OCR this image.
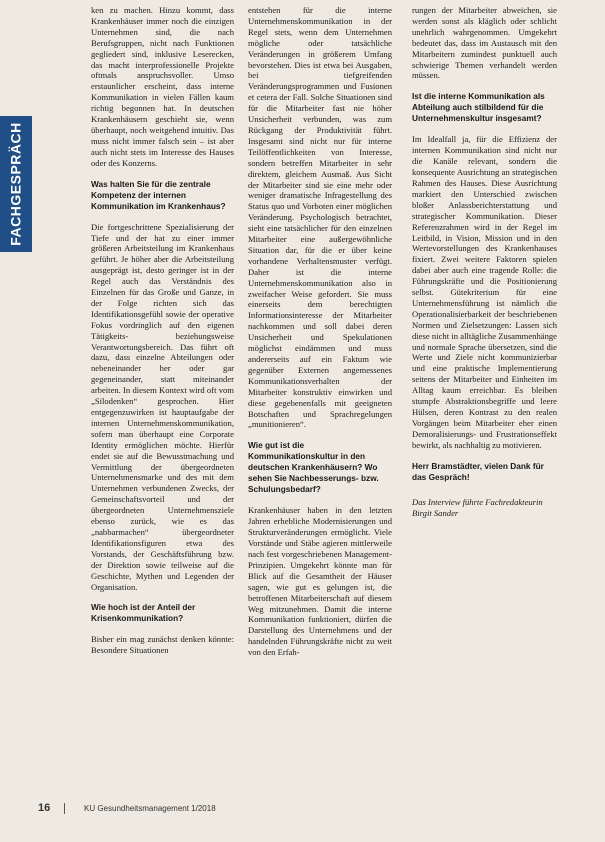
FACHGESPRÄCH

ken zu machen. Hinzu kommt, dass Krankenhäuser immer noch die einzigen Unternehmen sind, die nach Berufsgruppen, nicht nach Funktionen gegliedert sind, inklusive Leserecken, das macht interprofessionelle Projekte oftmals anspruchsvoller. Umso erstaunlicher erscheint, dass interne Kommunikation in vielen Fällen kaum richtig begonnen hat. In deutschen Krankenhäusern geschieht sie, wenn überhaupt, noch weitgehend intuitiv. Das muss nicht immer falsch sein – ist aber auch nicht stets im Interesse des Hauses oder des Konzerns.

Was halten Sie für die zentrale Kompetenz der internen Kommunikation im Krankenhaus?

Die fortgeschrittene Spezialisierung der Tiefe und der hat zu einer immer größeren Arbeitsteilung im Krankenhaus geführt. Je höher aber die Arbeitsteilung ausgeprägt ist, desto geringer ist in der Regel auch das Verständnis des Einzelnen für das Große und Ganze, in der Folge richten sich das Identifikationsgefühl sowie der operative Fokus vordringlich auf den eigenen Tätigkeits- beziehungsweise Verantwortungsbereich. Das führt oft dazu, dass einzelne Abteilungen oder nebeneinander her oder gar gegeneinander, statt miteinander arbeiten. In diesem Kontext wird oft vom „Silodenken“ gesprochen. Hier entgegenzuwirken ist hauptaufgabe der internen Unternehmenskommunikation, sofern man überhaupt eine Corporate Identity ermöglichen möchte. Hierfür endet sie auf die Bewusstmachung und Vermittlung der übergeordneten Unternehmensmarke und des mit dem Unternehmen verbundenen Zwecks, der Gemeinschaftsvorteil und der übergeordneten Unternehmensziele ebenso zurück, wie es das „nabbarmachen“ übergeordneter Identifikationsfiguren etwa des Vorstands, der Geschäftsführung bzw. der Direktion sowie teilweise auf die Geschichte, Mythen und Legenden der Organisation.

Wie hoch ist der Anteil der Krisenkommunikation?

Bisher ein mag zunächst denken könnte: Besondere Situationen

entstehen für die interne Unternehmenskommunikation in der Regel stets, wenn dem Unternehmen mögliche oder tatsächliche Veränderungen in größerem Umfang bevorstehen. Dies ist etwa bei Ausgaben, bei tiefgreifenden Veränderungsprogrammen und Fusionen et cetera der Fall. Solche Situationen sind für die Mitarbeiter fast nie höher Unsicherheit verbunden, was zum Rückgang der Produktivität führt. Insgesamt sind nicht nur für interne Teilöffentlichkeiten von Interesse, sondern betreffen Mitarbeiter in sehr direktem, gleichem Ausmaß. Aus Sicht der Mitarbeiter sind sie eine mehr oder weniger dramatische Infragestellung des Status quo und Vorboten einer möglichen Veränderung. Psychologisch betrachtet, sieht eine tatsächlicher für den einzelnen Mitarbeiter eine außergewöhnliche Situation dar, für die er über keine vorhandene Verhaltensmuster verfügt. Daher ist die interne Unternehmenskommunikation also in zweifacher Weise gefordert. Sie muss einerseits dem berechtigten Informationsinteresse der Mitarbeiter nachkommen und soll dabei deren Unsicherheit und Spekulationen möglichst eindämmen und muss andererseits auf ein Faktum wie gegenüber Externen angemessenes Kommunikationsverhalten der Mitarbeiter konstruktiv einwirken und diese gegebenenfalls mit geeigneten Botschaften und Sprachregelungen „munitionieren“.

Wie gut ist die Kommunikationskultur in den deutschen Krankenhäusern? Wo sehen Sie Nachbesserungs- bzw. Schulungsbedarf?

Krankenhäuser haben in den letzten Jahren erhebliche Modernisierungen und Strukturveränderungen ermöglicht. Viele Vorstände und Stäbe agieren mittlerweile nach fest vorgeschriebenen Management-Prinzipien. Umgekehrt könnte man für Blick auf die Gesamtheit der Häuser sagen, wie gut es gelungen ist, die betroffenen Mitarbeiterschaft auf diesem Weg mitzunehmen. Damit die interne Kommunikation funktioniert, dürfen die Darstellung des Unternehmens und der handelnden Führungskräfte nicht zu weit von den Erfah-

rungen der Mitarbeiter abweichen, sie werden sonst als kläglich oder schlicht unehrlich wahrgenommen. Umgekehrt bedeutet das, dass im Austausch mit den Mitarbeitern zumindest punktuell auch schwierige Themen verhandelt werden müssen.

Ist die interne Kommunikation als Abteilung auch stilbildend für die Unternehmenskultur insgesamt?

Im Idealfall ja, für die Effizienz der internen Kommunikation sind nicht nur die Kanäle relevant, sondern die konsequente Ausrichtung an strategischen Rahmen des Hauses. Diese Ausrichtung markiert den Unterschied zwischen bloßer Anlassberichterstattung und strategischer Kommunikation. Dieser Referenzrahmen wird in der Regel im Leitbild, in Vision, Mission und in den Wertevorstellungen des Krankenhauses fixiert. Zwei weitere Faktoren spielen dabei aber auch eine tragende Rolle: die Führungskräfte und die Positionierung selbst. Gütekriterium für eine Unternehmensführung ist nämlich die Operationalisierbarkeit der beschriebenen Normen und Zielsetzungen: Lassen sich diese nicht in alltägliche Zusammenhänge und normale Sprache übersetzen, sind die Werte und Ziele nicht kommunizierbar und eine praktische Implementierung seitens der Mitarbeiter und Einheiten im Alltag kaum erreichbar. Es bleiben stumpfe Abstraktionsbegriffe und leere Hülsen, deren Kontrast zu den realen Vorgängen beim Mitarbeiter eher einen Demoralisierungs- und Frustrationseffekt bewirkt, als nachhaltig zu motivieren.

Herr Bramstädter, vielen Dank für das Gespräch!

Das Interview führte Fachredakteurin Birgit Sander

16	KU Gesundheitsmanagement 1/2018
